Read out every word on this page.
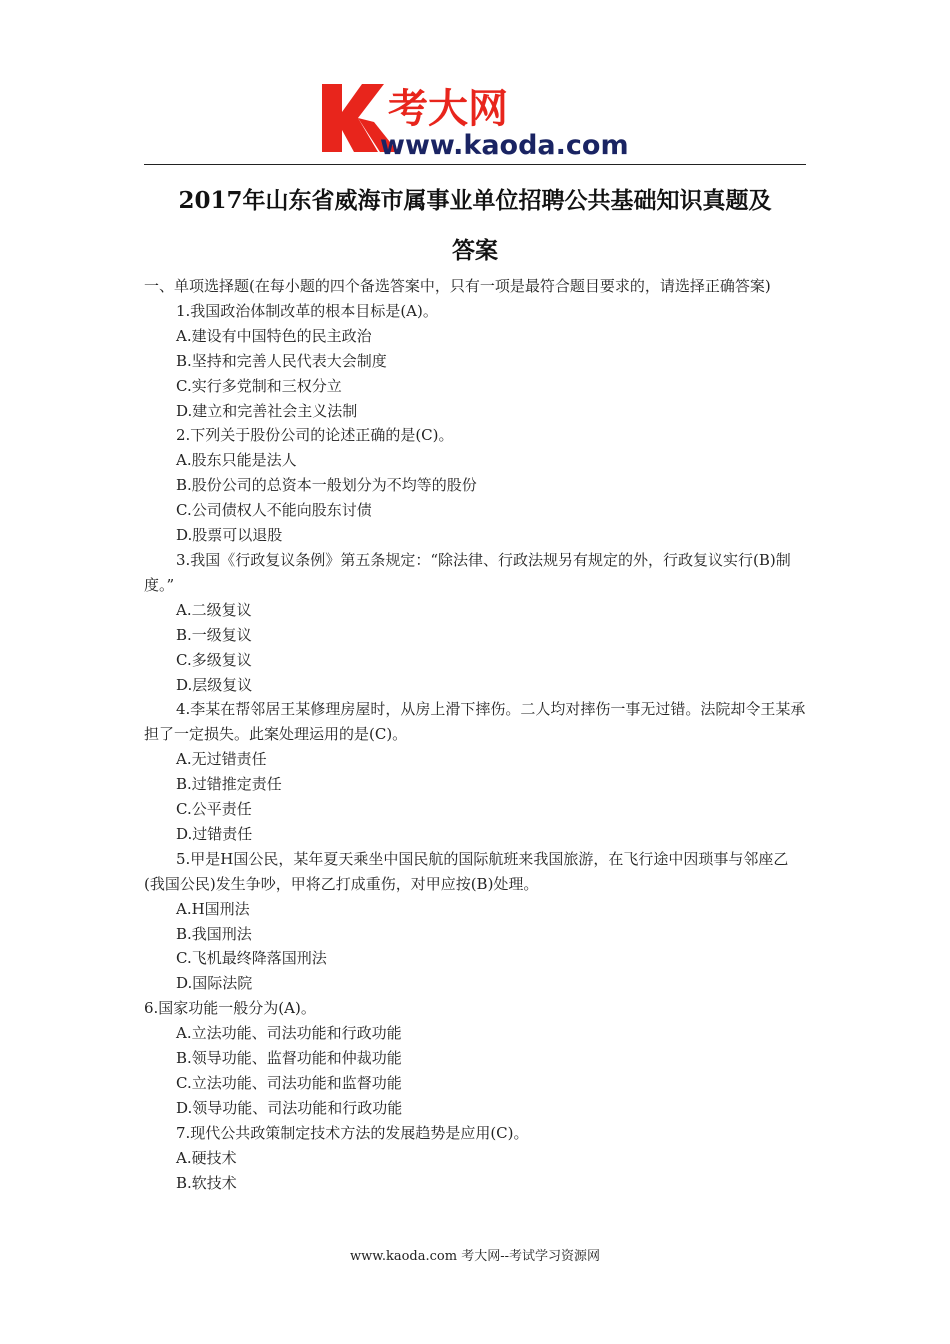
考大网
www.kaoda.com
2017年山东省威海市属事业单位招聘公共基础知识真题及
答案
一、单项选择题(在每小题的四个备选答案中，只有一项是最符合题目要求的，请选择正确答案)
1.我国政治体制改革的根本目标是(A)。
A.建设有中国特色的民主政治
B.坚持和完善人民代表大会制度
C.实行多党制和三权分立
D.建立和完善社会主义法制
2.下列关于股份公司的论述正确的是(C)。
A.股东只能是法人
B.股份公司的总资本一般划分为不均等的股份
C.公司债权人不能向股东讨债
D.股票可以退股
3.我国《行政复议条例》第五条规定：“除法律、行政法规另有规定的外，行政复议实行(B)制度。”
A.二级复议
B.一级复议
C.多级复议
D.层级复议
4.李某在帮邻居王某修理房屋时，从房上滑下摔伤。二人均对摔伤一事无过错。法院却令王某承担了一定损失。此案处理运用的是(C)。
A.无过错责任
B.过错推定责任
C.公平责任
D.过错责任
5.甲是H国公民，某年夏天乘坐中国民航的国际航班来我国旅游，在飞行途中因琐事与邻座乙(我国公民)发生争吵，甲将乙打成重伤，对甲应按(B)处理。
A.H国刑法
B.我国刑法
C.飞机最终降落国刑法
D.国际法院
6.国家功能一般分为(A)。
A.立法功能、司法功能和行政功能
B.领导功能、监督功能和仲裁功能
C.立法功能、司法功能和监督功能
D.领导功能、司法功能和行政功能
7.现代公共政策制定技术方法的发展趋势是应用(C)。
A.硬技术
B.软技术
www.kaoda.com 考大网--考试学习资源网
